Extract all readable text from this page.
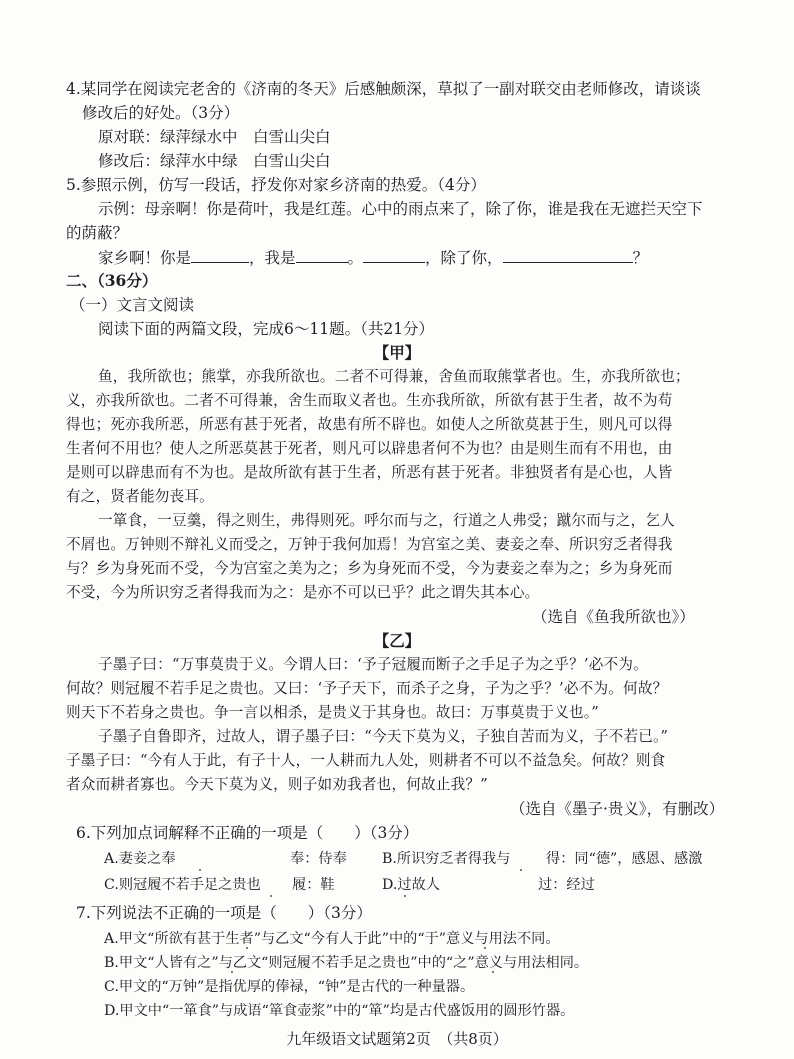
4.某同学在阅读完老舍的《济南的冬天》后感触颇深，草拟了一副对联交由老师修改，请谈谈
修改后的好处。（3分）
原对联：绿萍绿水中　白雪山尖白
修改后：绿萍水中绿　白雪山尖白
5.参照示例，仿写一段话，抒发你对家乡济南的热爱。（4分）
示例：母亲啊！你是荷叶，我是红莲。心中的雨点来了，除了你，谁是我在无遮拦天空下
的荫蔽？
家乡啊！你是	，我是	。	，除了你，	？
二、（36分）
（一）文言文阅读
阅读下面的两篇文段，完成6～11题。（共21分）
【甲】
鱼，我所欲也；熊掌，亦我所欲也。二者不可得兼，舍鱼而取熊掌者也。生，亦我所欲也；
义，亦我所欲也。二者不可得兼，舍生而取义者也。生亦我所欲，所欲有甚于生者，故不为苟
得也；死亦我所恶，所恶有甚于死者，故患有所不辟也。如使人之所欲莫甚于生，则凡可以得
生者何不用也？使人之所恶莫甚于死者，则凡可以辟患者何不为也？由是则生而有不用也，由
是则可以辟患而有不为也。是故所欲有甚于生者，所恶有甚于死者。非独贤者有是心也，人皆
有之，贤者能勿丧耳。
一箪食，一豆羹，得之则生，弗得则死。呼尔而与之，行道之人弗受；蹴尔而与之，乞人
不屑也。万钟则不辩礼义而受之，万钟于我何加焉！为宫室之美、妻妾之奉、所识穷乏者得我
与？乡为身死而不受，今为宫室之美为之；乡为身死而不受，今为妻妾之奉为之；乡为身死而
不受，今为所识穷乏者得我而为之：是亦不可以已乎？此之谓失其本心。
（选自《鱼我所欲也》）
【乙】
子墨子曰：“万事莫贵于义。今谓人曰：‘予子冠履而断子之手足子为之乎？’必不为。
何故？则冠履不若手足之贵也。又曰：‘予子天下，而杀子之身，子为之乎？’必不为。何故？
则天下不若身之贵也。争一言以相杀，是贵义于其身也。故曰：万事莫贵于义也。”
子墨子自鲁即齐，过故人，谓子墨子曰：“今天下莫为义，子独自苦而为义，子不若已。”
子墨子曰：“今有人于此，有子十人，一人耕而九人处，则耕者不可以不益急矣。何故？则食
者众而耕者寡也。今天下莫为义，则子如劝我者也，何故止我？”
（选自《墨子·贵义》，有删改）
6.下列加点词解释不正确的一项是（　　）（3分）
A.妻妾之奉	奉：侍奉 B.所识穷乏者得我与	得：同“德”，感恩、感激
C.则冠履不若手足之贵也 履：鞋	D.过故人	过：经过
7.下列说法不正确的一项是（　　）（3分）
A.甲文“所欲有甚于生者”与乙文“今有人于此”中的“于”意义与用法不同。
B.甲文“人皆有之”与乙文“则冠履不若手足之贵也”中的“之”意义与用法相同。
C.甲文的“万钟”是指优厚的俸禄，“钟”是古代的一种量器。
D.甲文中“一箪食”与成语“箪食壶浆”中的“箪”均是古代盛饭用的圆形竹器。
九年级语文试题第2页　（共8页）
